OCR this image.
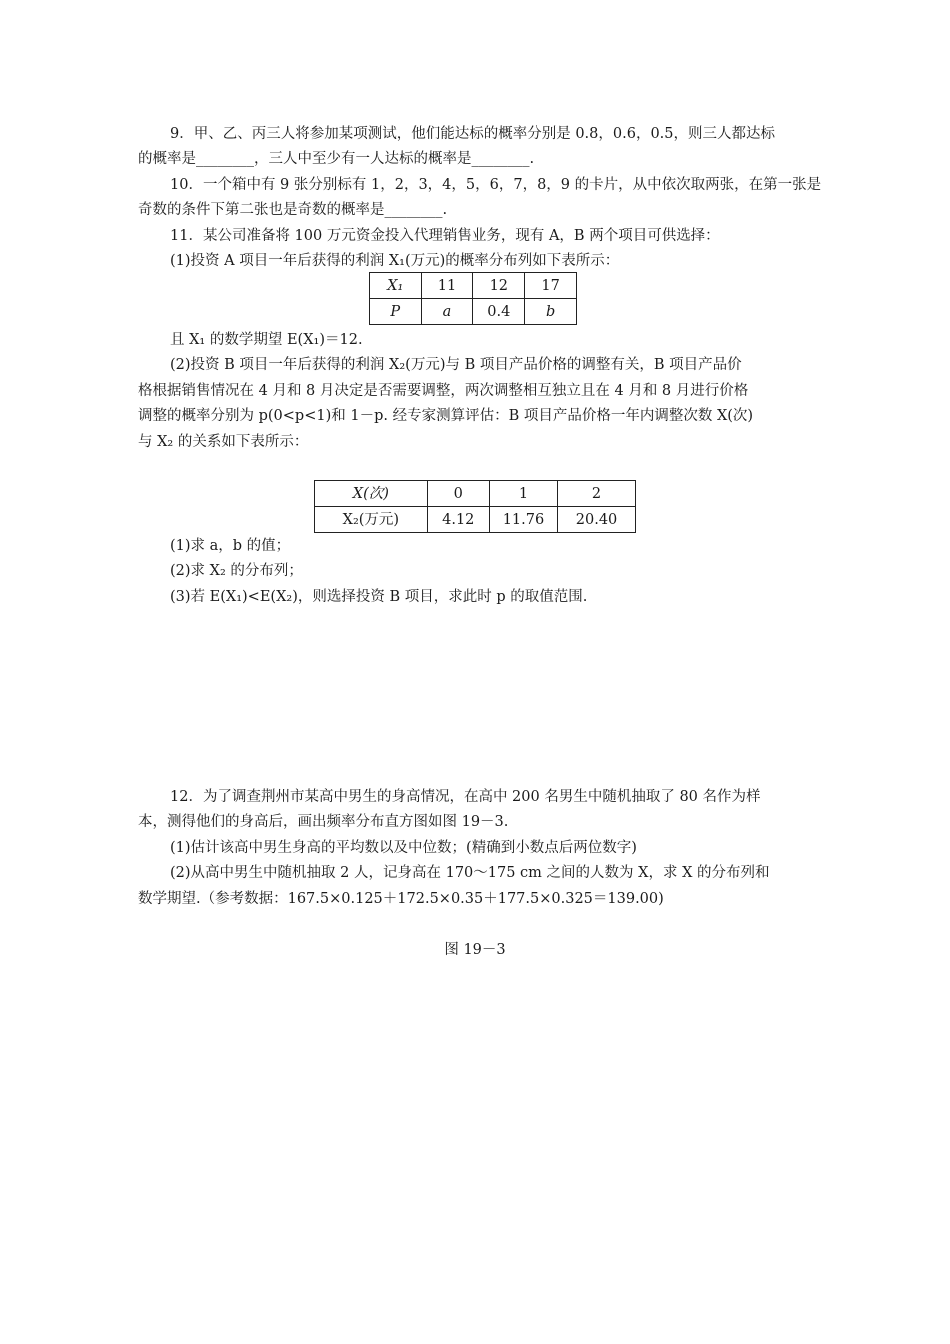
9．甲、乙、丙三人将参加某项测试，他们能达标的概率分别是 0.8，0.6，0.5，则三人都达标
的概率是________，三人中至少有一人达标的概率是________.
10．一个箱中有 9 张分别标有 1，2，3，4，5，6，7，8，9 的卡片，从中依次取两张，在第一张是
奇数的条件下第二张也是奇数的概率是________.
11．某公司准备将 100 万元资金投入代理销售业务，现有 A，B 两个项目可供选择：
(1)投资 A 项目一年后获得的利润 X₁(万元)的概率分布列如下表所示：
X₁	11	12	17
P	a	0.4	b
且 X₁ 的数学期望 E(X₁)＝12.
(2)投资 B 项目一年后获得的利润 X₂(万元)与 B 项目产品价格的调整有关，B 项目产品价
格根据销售情况在 4 月和 8 月决定是否需要调整，两次调整相互独立且在 4 月和 8 月进行价格
调整的概率分别为 p(0<p<1)和 1－p. 经专家测算评估：B 项目产品价格一年内调整次数 X(次)
与 X₂ 的关系如下表所示：
X(次)	0	1	2
X₂(万元)	4.12	11.76	20.40
(1)求 a，b 的值；
(2)求 X₂ 的分布列；
(3)若 E(X₁)<E(X₂)，则选择投资 B 项目，求此时 p 的取值范围.
12．为了调查荆州市某高中男生的身高情况，在高中 200 名男生中随机抽取了 80 名作为样
本，测得他们的身高后，画出频率分布直方图如图 19－3.
(1)估计该高中男生身高的平均数以及中位数；(精确到小数点后两位数字)
(2)从高中男生中随机抽取 2 人，记身高在 170～175 cm 之间的人数为 X，求 X 的分布列和
数学期望.（参考数据：167.5×0.125＋172.5×0.35＋177.5×0.325＝139.00)
图 19－3
